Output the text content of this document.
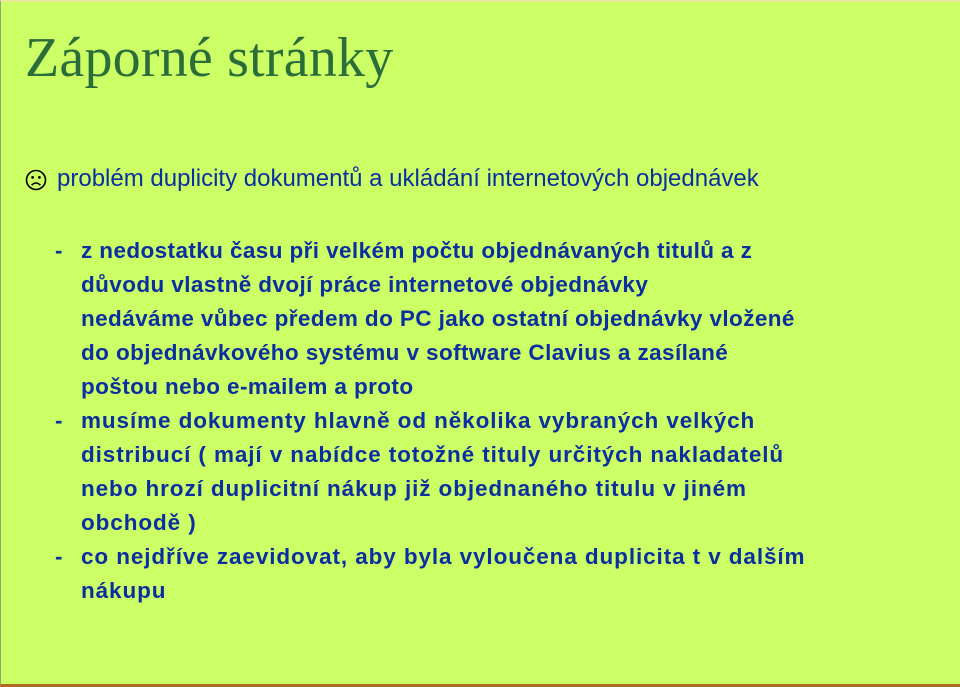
Záporné stránky
problém duplicity dokumentů a ukládání internetových objednávek
- z nedostatku času při velkém počtu objednávaných titulů a z
důvodu vlastně dvojí práce internetové objednávky
nedáváme vůbec předem do PC jako ostatní objednávky vložené
do objednávkového systému v software Clavius a zasílané
poštou nebo e-mailem a proto
- musíme dokumenty hlavně od několika vybraných velkých
distribucí ( mají v nabídce totožné tituly určitých nakladatelů
nebo hrozí duplicitní nákup již objednaného titulu v jiném
obchodě )
- co nejdříve zaevidovat, aby byla vyloučena duplicita t v dalším
nákupu
